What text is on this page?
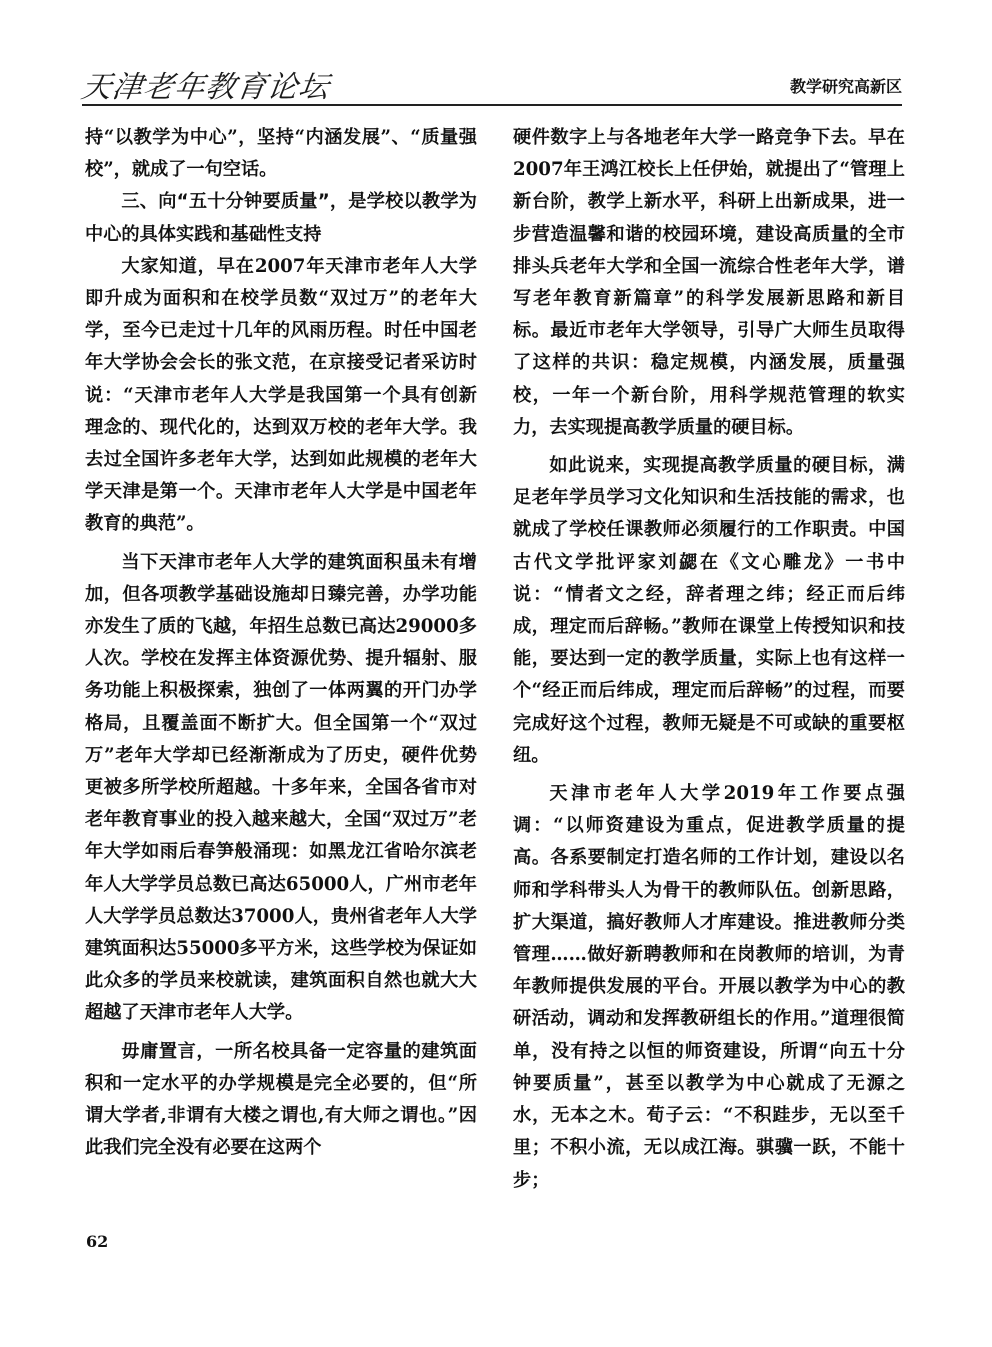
天津老年教育论坛	教学研究高新区

持“以教学为中心”，坚持“内涵发展”、“质量强校”，就成了一句空话。

三、向“五十分钟要质量”，是学校以教学为中心的具体实践和基础性支持

大家知道，早在2007年天津市老年人大学即升成为面积和在校学员数“双过万”的老年大学，至今已走过十几年的风雨历程。时任中国老年大学协会会长的张文范，在京接受记者采访时说：“天津市老年人大学是我国第一个具有创新理念的、现代化的，达到双万校的老年大学。我去过全国许多老年大学，达到如此规模的老年大学天津是第一个。天津市老年人大学是中国老年教育的典范”。

当下天津市老年人大学的建筑面积虽未有增加，但各项教学基础设施却日臻完善，办学功能亦发生了质的飞越，年招生总数已高达29000多人次。学校在发挥主体资源优势、提升辐射、服务功能上积极探索，独创了一体两翼的开门办学格局，且覆盖面不断扩大。但全国第一个“双过万”老年大学却已经渐渐成为了历史，硬件优势更被多所学校所超越。十多年来，全国各省市对老年教育事业的投入越来越大，全国“双过万”老年大学如雨后春笋般涌现：如黑龙江省哈尔滨老年人大学学员总数已高达65000人，广州市老年人大学学员总数达37000人，贵州省老年人大学建筑面积达55000多平方米，这些学校为保证如此众多的学员来校就读，建筑面积自然也就大大超越了天津市老年人大学。

毋庸置言，一所名校具备一定容量的建筑面积和一定水平的办学规模是完全必要的，但“所谓大学者,非谓有大楼之谓也,有大师之谓也。”因此我们完全没有必要在这两个

硬件数字上与各地老年大学一路竞争下去。早在2007年王鸿江校长上任伊始，就提出了“管理上新台阶，教学上新水平，科研上出新成果，进一步营造温馨和谐的校园环境，建设高质量的全市排头兵老年大学和全国一流综合性老年大学，谱写老年教育新篇章”的科学发展新思路和新目标。最近市老年大学领导，引导广大师生员取得了这样的共识：稳定规模，内涵发展，质量强校，一年一个新台阶，用科学规范管理的软实力，去实现提高教学质量的硬目标。

如此说来，实现提高教学质量的硬目标，满足老年学员学习文化知识和生活技能的需求，也就成了学校任课教师必须履行的工作职责。中国古代文学批评家刘勰在《文心雕龙》一书中说：“情者文之经，辞者理之纬；经正而后纬成，理定而后辞畅。”教师在课堂上传授知识和技能，要达到一定的教学质量，实际上也有这样一个“经正而后纬成，理定而后辞畅”的过程，而要完成好这个过程，教师无疑是不可或缺的重要枢纽。

天津市老年人大学2019年工作要点强调：“以师资建设为重点，促进教学质量的提高。各系要制定打造名师的工作计划，建设以名师和学科带头人为骨干的教师队伍。创新思路，扩大渠道，搞好教师人才库建设。推进教师分类管理……做好新聘教师和在岗教师的培训，为青年教师提供发展的平台。开展以教学为中心的教研活动，调动和发挥教研组长的作用。”道理很简单，没有持之以恒的师资建设，所谓“向五十分钟要质量”，甚至以教学为中心就成了无源之水，无本之木。荀子云：“不积跬步，无以至千里；不积小流，无以成江海。骐骥一跃，不能十步；

62
